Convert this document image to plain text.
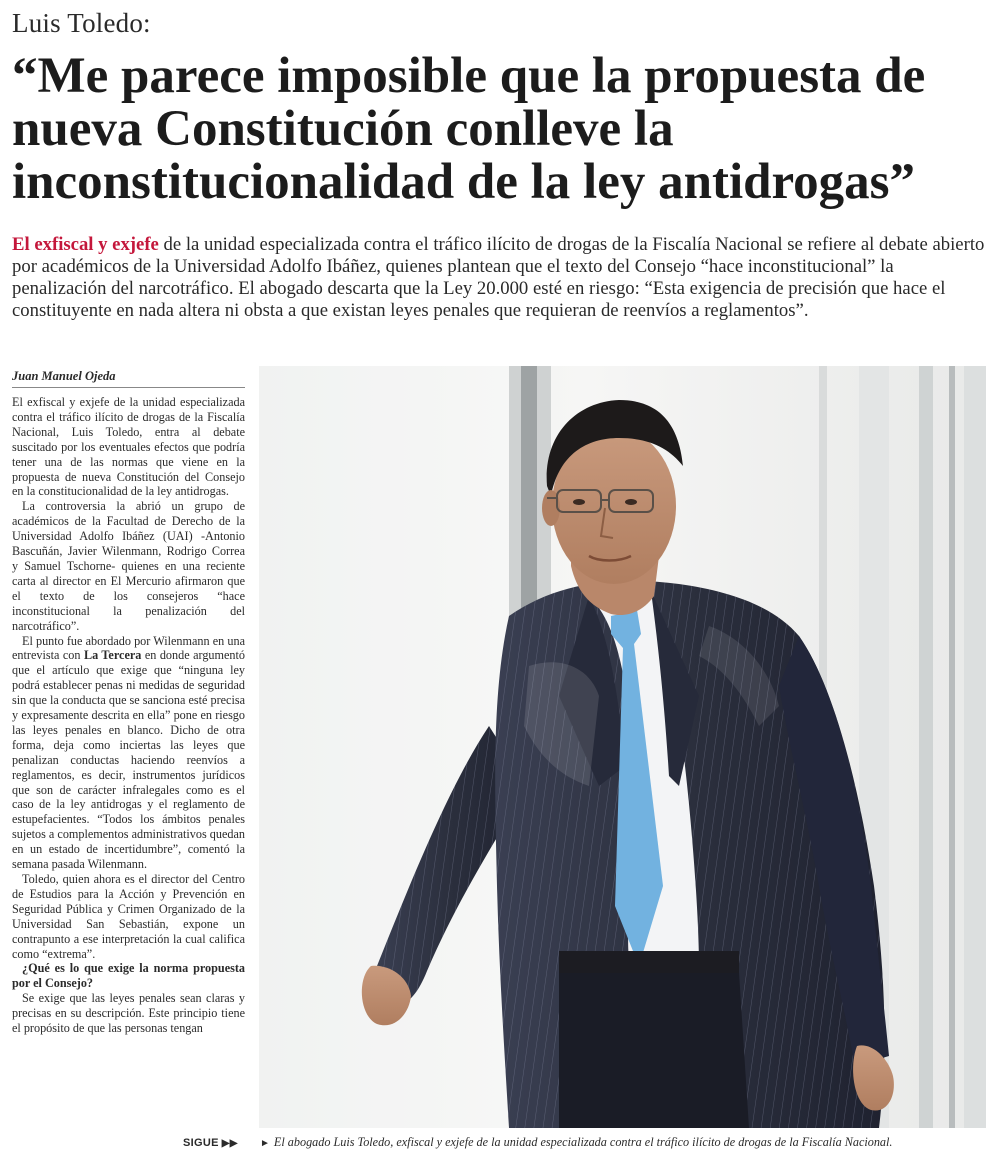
Luis Toledo:
“Me parece imposible que la propuesta de nueva Constitución conlleve la inconstitucionalidad de la ley antidrogas”

El exfiscal y exjefe de la unidad especializada contra el tráfico ilícito de drogas de la Fiscalía Nacional se refiere al debate abierto por académicos de la Universidad Adolfo Ibáñez, quienes plantean que el texto del Consejo “hace inconstitucional” la penalización del narcotráfico. El abogado descarta que la Ley 20.000 esté en riesgo: “Esta exigencia de precisión que hace el constituyente en nada altera ni obsta a que existan leyes penales que requieran de reenvíos a reglamentos”.

Juan Manuel Ojeda

El exfiscal y exjefe de la unidad especializada contra el tráfico ilícito de drogas de la Fiscalía Nacional, Luis Toledo, entra al debate suscitado por los eventuales efectos que podría tener una de las normas que viene en la propuesta de nueva Constitución del Consejo en la constitucionalidad de la ley antidrogas.

La controversia la abrió un grupo de académicos de la Facultad de Derecho de la Universidad Adolfo Ibáñez (UAI) -Antonio Bascuñán, Javier Wilenmann, Rodrigo Correa y Samuel Tschorne- quienes en una reciente carta al director en El Mercurio afirmaron que el texto de los consejeros “hace inconstitucional la penalización del narcotráfico”.

El punto fue abordado por Wilenmann en una entrevista con La Tercera en donde argumentó que el artículo que exige que “ninguna ley podrá establecer penas ni medidas de seguridad sin que la conducta que se sanciona esté precisa y expresamente descrita en ella” pone en riesgo las leyes penales en blanco. Dicho de otra forma, deja como inciertas las leyes que penalizan conductas haciendo reenvíos a reglamentos, es decir, instrumentos jurídicos que son de carácter infralegales como es el caso de la ley antidrogas y el reglamento de estupefacientes. “Todos los ámbitos penales sujetos a complementos administrativos quedan en un estado de incertidumbre”, comentó la semana pasada Wilenmann.

Toledo, quien ahora es el director del Centro de Estudios para la Acción y Prevención en Seguridad Pública y Crimen Organizado de la Universidad San Sebastián, expone un contrapunto a ese interpretación la cual califica como “extrema”.

¿Qué es lo que exige la norma propuesta por el Consejo?

Se exige que las leyes penales sean claras y precisas en su descripción. Este principio tiene el propósito de que las personas tengan

SIGUE ▶▶ ► El abogado Luis Toledo, exfiscal y exjefe de la unidad especializada contra el tráfico ilícito de drogas de la Fiscalía Nacional.
